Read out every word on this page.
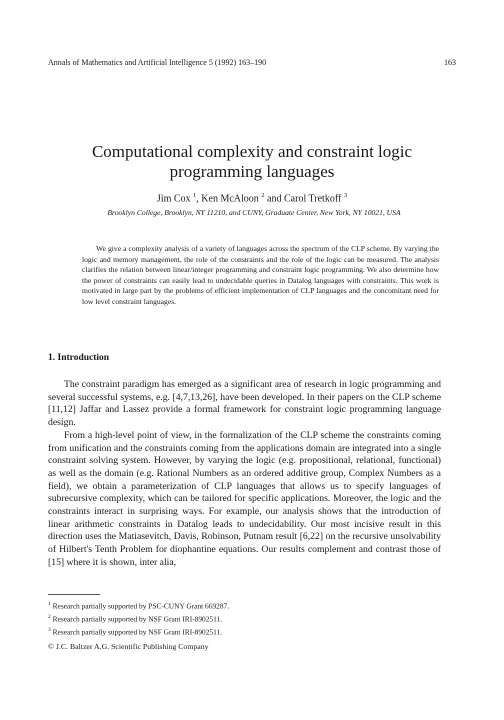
Annals of Mathematics and Artificial Intelligence 5 (1992) 163–190	163
Computational complexity and constraint logic
programming languages
Jim Cox $^1$, Ken McAloon $^2$ and Carol Tretkoff $^3$
Brooklyn College, Brooklyn, NY 11210, and CUNY, Graduate Center, New York, NY 10021, USA
We give a complexity analysis of a variety of languages across the spectrum of the CLP scheme. By varying the logic and memory management, the role of the constraints and the role of the logic can be measured. The analysis clarifies the relation between linear/integer programming and constraint logic programming. We also determine how the power of constraints can easily lead to undecidable queries in Datalog languages with constraints. This work is motivated in large part by the problems of efficient implementation of CLP languages and the concomitant need for low level constraint languages.
1. Introduction

The constraint paradigm has emerged as a significant area of research in logic programming and several successful systems, e.g. [4,7,13,26], have been developed. In their papers on the CLP scheme [11,12] Jaffar and Lassez provide a formal framework for constraint logic programming language design.

From a high-level point of view, in the formalization of the CLP scheme the constraints coming from unification and the constraints coming from the applications domain are integrated into a single constraint solving system. However, by varying the logic (e.g. propositional, relational, functional) as well as the domain (e.g. Rational Numbers as an ordered additive group, Complex Numbers as a field), we obtain a parameterization of CLP languages that allows us to specify languages of subrecursive complexity, which can be tailored for specific applications. Moreover, the logic and the constraints interact in surprising ways. For example, our analysis shows that the introduction of linear arithmetic constraints in Datalog leads to undecidability. Our most incisive result in this direction uses the Matiasevitch, Davis, Robinson, Putnam result [6,22] on the recursive unsolvability of Hilbert's Tenth Problem for diophantine equations. Our results complement and contrast those of [15] where it is shown, inter alia,

$^1$ Research partially supported by PSC-CUNY Grant 669287.
$^2$ Research partially supported by NSF Grant IRI-8902511.
$^3$ Research partially supported by NSF Grant IRI-8902511.
© J.C. Baltzer A.G. Scientific Publishing Company
